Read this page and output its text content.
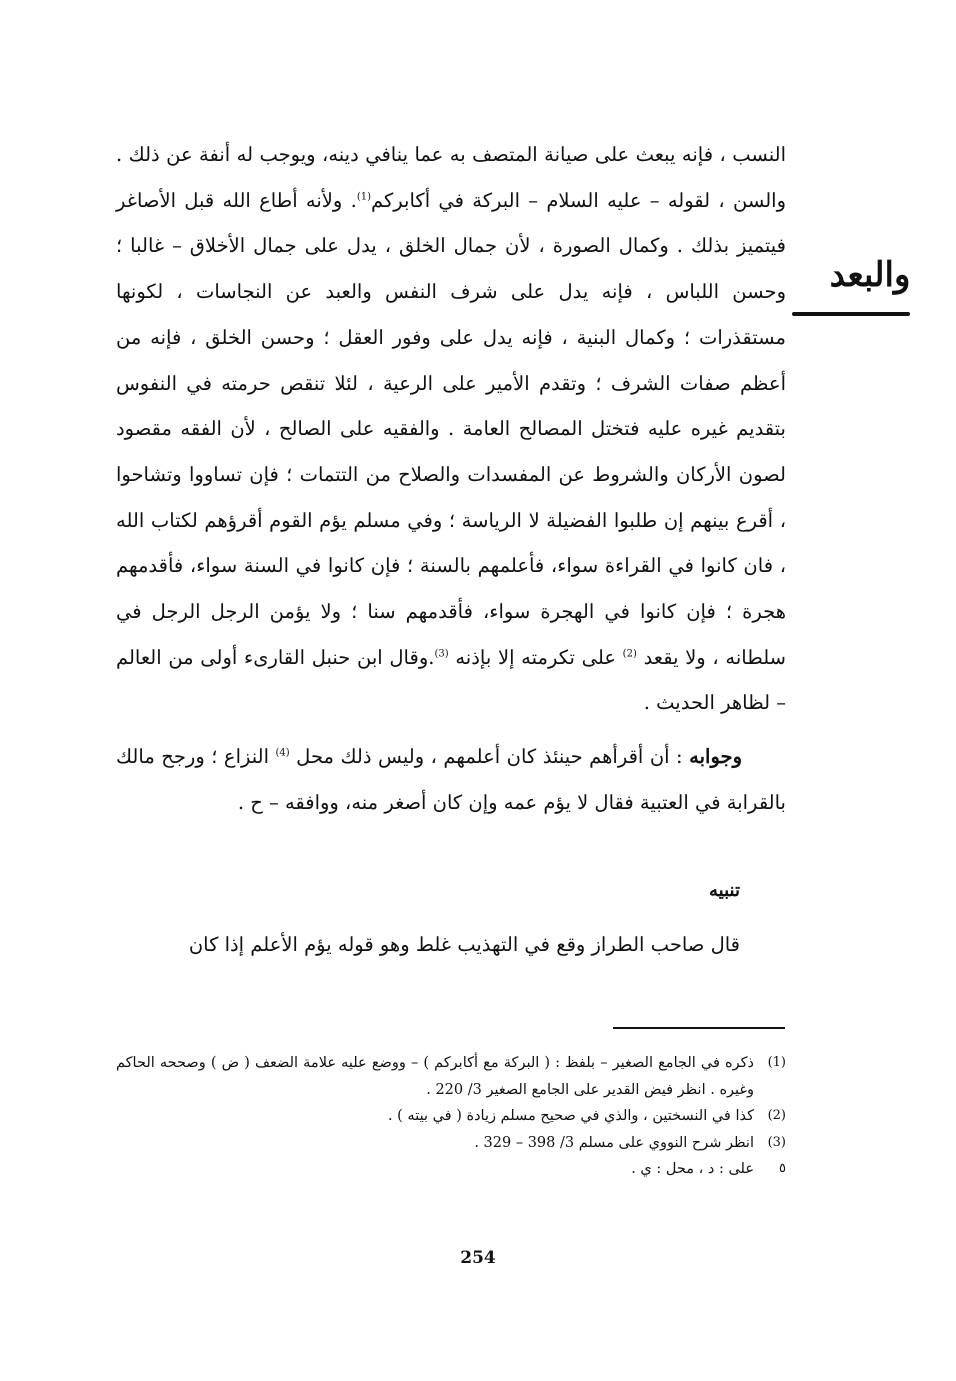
والبعد

النسب ، فإنه يبعث على صيانة المتصف به عما ينافي دينه، ويوجب له أنفة عن ذلك . والسن ، لقوله – عليه السلام – البركة في أكابركم$^{(1)}$. ولأنه أطاع الله قبل الأصاغر فيتميز بذلك . وكمال الصورة ، لأن جمال الخلق ، يدل على جمال الأخلاق – غالبا ؛ وحسن اللباس ، فإنه يدل على شرف النفس والعبد عن النجاسات ، لكونها مستقذرات ؛ وكمال البنية ، فإنه يدل على وفور العقل ؛ وحسن الخلق ، فإنه من أعظم صفات الشرف ؛ وتقدم الأمير على الرعية ، لئلا تنقص حرمته في النفوس بتقديم غيره عليه فتختل المصالح العامة . والفقيه على الصالح ، لأن الفقه مقصود لصون الأركان والشروط عن المفسدات والصلاح من التتمات ؛ فإن تساووا وتشاحوا ، أقرع بينهم إن طلبوا الفضيلة لا الرياسة ؛ وفي مسلم يؤم القوم أقرؤهم لكتاب الله ، فان كانوا في القراءة سواء، فأعلمهم بالسنة ؛ فإن كانوا في السنة سواء، فأقدمهم هجرة ؛ فإن كانوا في الهجرة سواء، فأقدمهم سنا ؛ ولا يؤمن الرجل الرجل في سلطانه ، ولا يقعد $^{(2)}$ على تكرمته إلا بإذنه $^{(3)}$.وقال ابن حنبل القارىء أولى من العالم – لظاهر الحديث .

وجوابه : أن أقرأهم حينئذ كان أعلمهم ، وليس ذلك محل $^{(4)}$ النزاع ؛ ورجح مالك بالقرابة في العتبية فقال لا يؤم عمه وإن كان أصغر منه، ووافقه – ح .

تنبيه
قال صاحب الطراز وقع في التهذيب غلط وهو قوله يؤم الأعلم إذا كان
(1)
ذكره في الجامع الصغير – بلفظ : ( البركة مع أكابركم ) – ووضع عليه علامة الضعف ( ض ) وصححه الحاكم وغيره . انظر فيض القدير على الجامع الصغير 3/ 220 .
(2)
كذا في النسختين ، والذي في صحيح مسلم زيادة ( في بيته ) .
(3)
انظر شرح النووي على مسلم 3/ 398 – 329 .
٥
على : د ، محل : ي .
254
